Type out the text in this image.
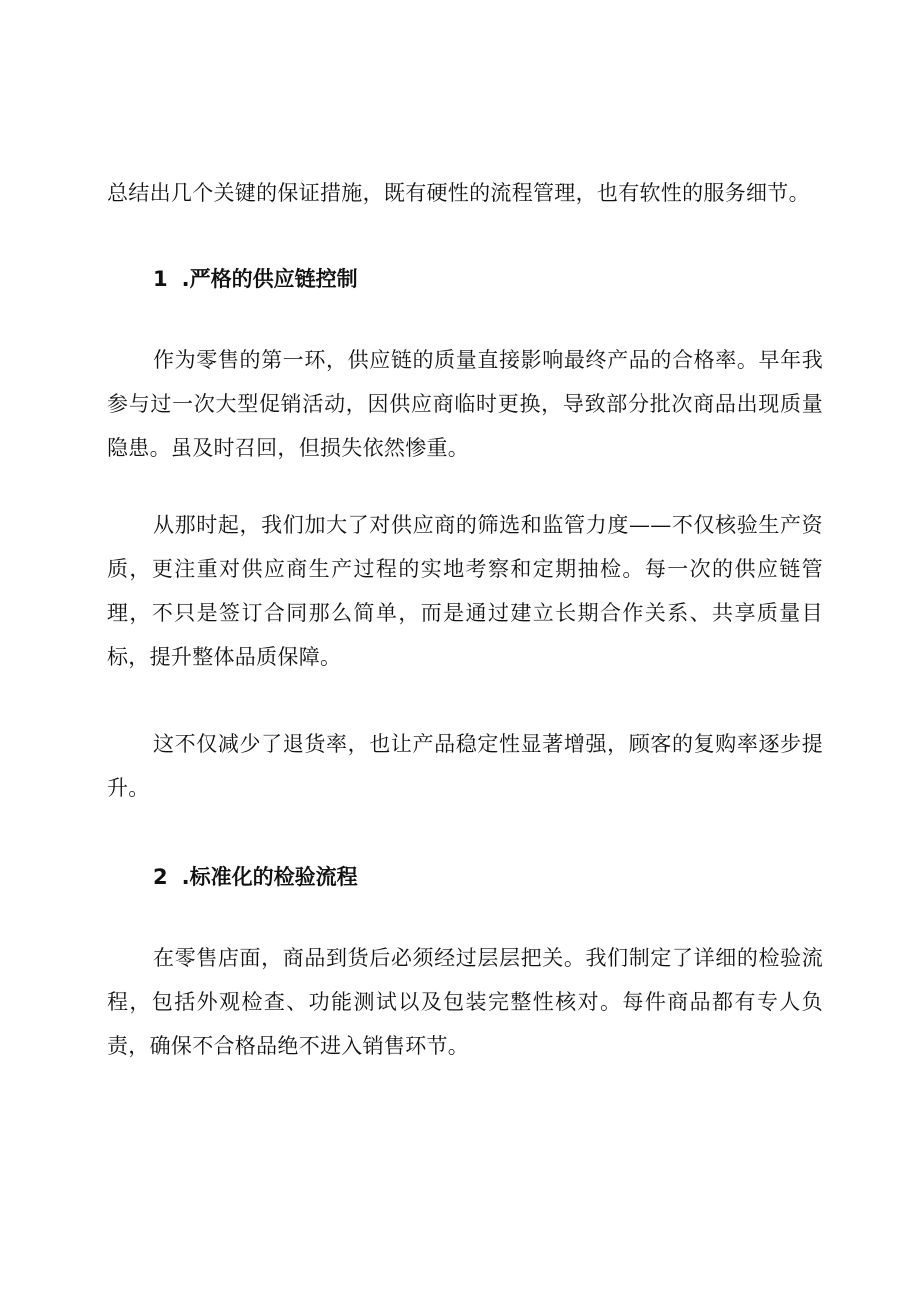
总结出几个关键的保证措施，既有硬性的流程管理，也有软性的服务细节。

1 .严格的供应链控制

作为零售的第一环，供应链的质量直接影响最终产品的合格率。早年我参与过一次大型促销活动，因供应商临时更换，导致部分批次商品出现质量隐患。虽及时召回，但损失依然惨重。

从那时起，我们加大了对供应商的筛选和监管力度——不仅核验生产资质，更注重对供应商生产过程的实地考察和定期抽检。每一次的供应链管理，不只是签订合同那么简单，而是通过建立长期合作关系、共享质量目标，提升整体品质保障。

这不仅减少了退货率，也让产品稳定性显著增强，顾客的复购率逐步提升。

2 .标准化的检验流程

在零售店面，商品到货后必须经过层层把关。我们制定了详细的检验流程，包括外观检查、功能测试以及包装完整性核对。每件商品都有专人负责，确保不合格品绝不进入销售环节。
